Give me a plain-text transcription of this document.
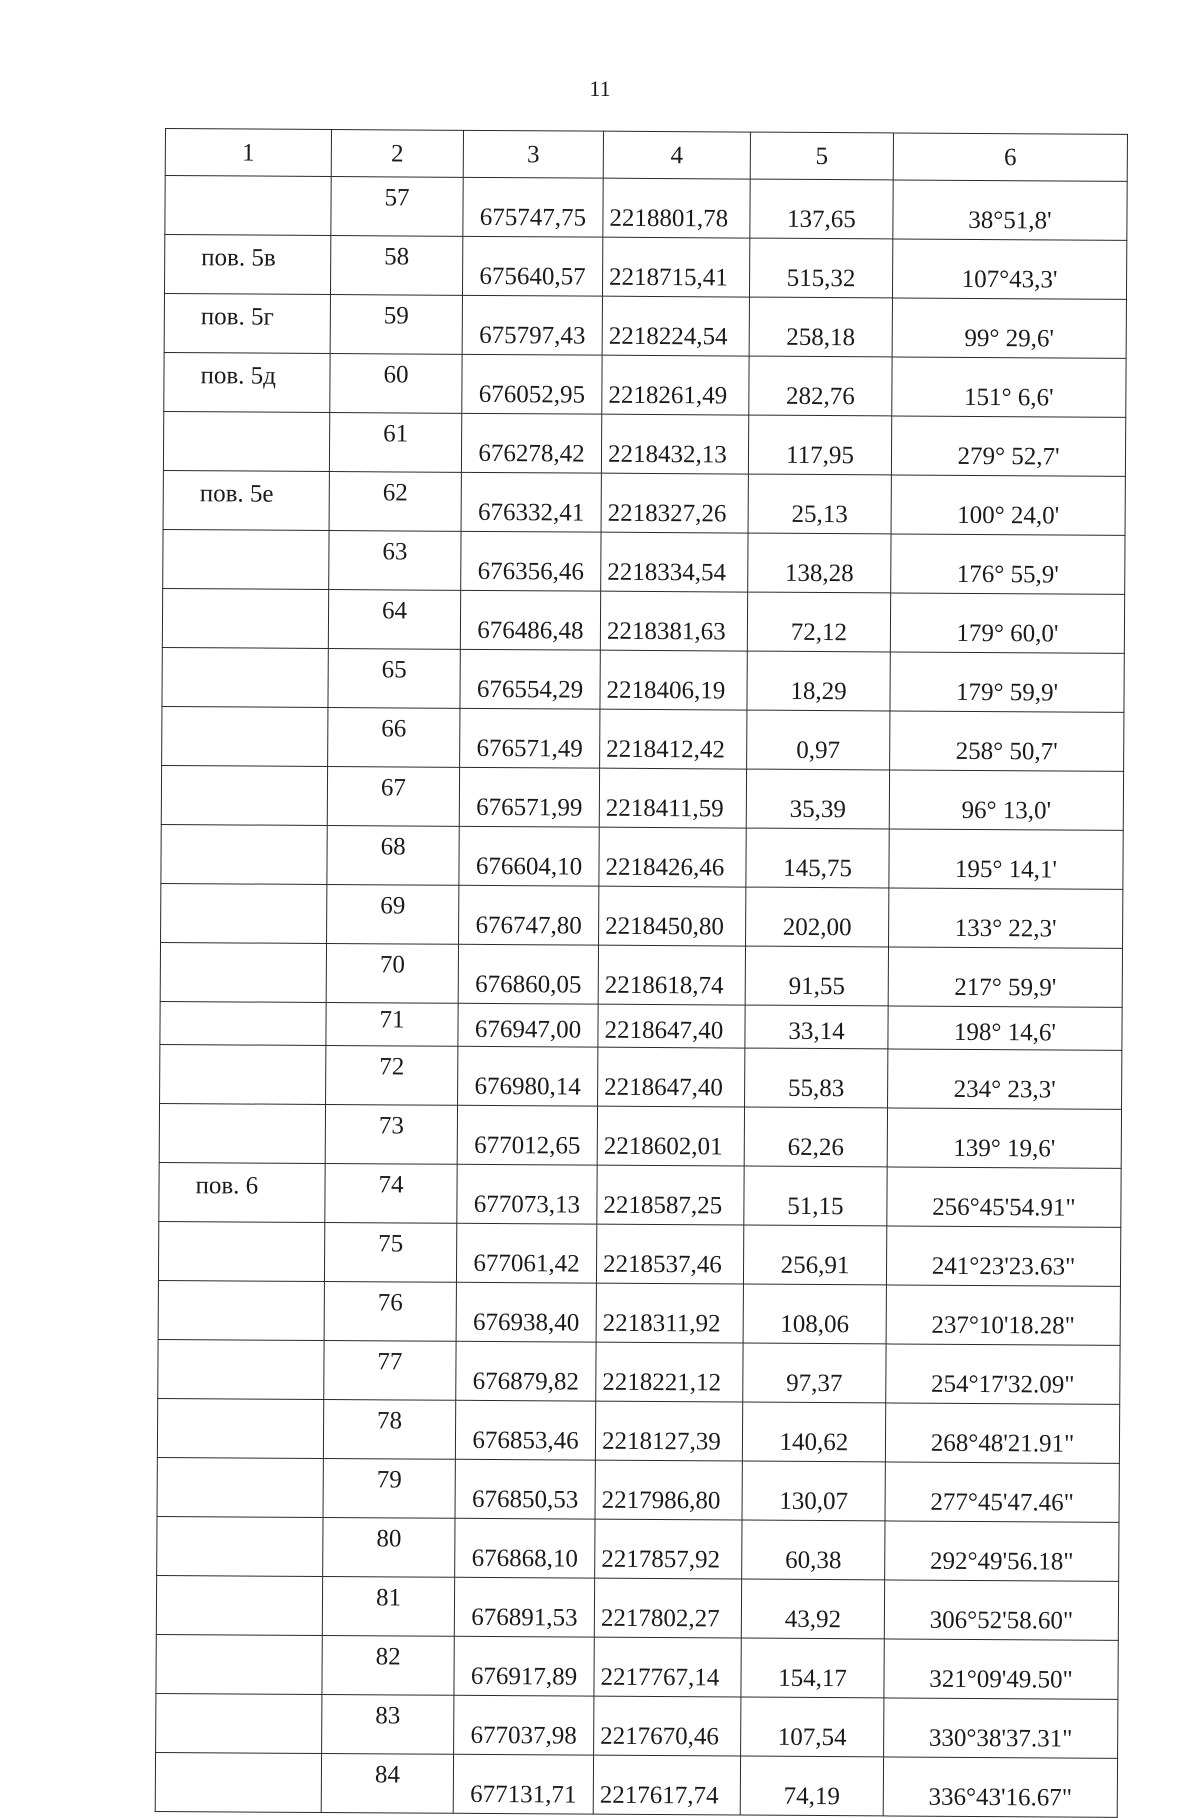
11
1	2	3	4	5	6
	57	675747,75	2218801,78	137,65	38°51,8'
пов. 5в	58	675640,57	2218715,41	515,32	107°43,3'
пов. 5г	59	675797,43	2218224,54	258,18	99° 29,6'
пов. 5д	60	676052,95	2218261,49	282,76	151° 6,6'
	61	676278,42	2218432,13	117,95	279° 52,7'
пов. 5е	62	676332,41	2218327,26	25,13	100° 24,0'
	63	676356,46	2218334,54	138,28	176° 55,9'
	64	676486,48	2218381,63	72,12	179° 60,0'
	65	676554,29	2218406,19	18,29	179° 59,9'
	66	676571,49	2218412,42	0,97	258° 50,7'
	67	676571,99	2218411,59	35,39	96° 13,0'
	68	676604,10	2218426,46	145,75	195° 14,1'
	69	676747,80	2218450,80	202,00	133° 22,3'
	70	676860,05	2218618,74	91,55	217° 59,9'
	71	676947,00	2218647,40	33,14	198° 14,6'
	72	676980,14	2218647,40	55,83	234° 23,3'
	73	677012,65	2218602,01	62,26	139° 19,6'
пов. 6	74	677073,13	2218587,25	51,15	256°45'54.91"
	75	677061,42	2218537,46	256,91	241°23'23.63"
	76	676938,40	2218311,92	108,06	237°10'18.28"
	77	676879,82	2218221,12	97,37	254°17'32.09"
	78	676853,46	2218127,39	140,62	268°48'21.91"
	79	676850,53	2217986,80	130,07	277°45'47.46"
	80	676868,10	2217857,92	60,38	292°49'56.18"
	81	676891,53	2217802,27	43,92	306°52'58.60"
	82	676917,89	2217767,14	154,17	321°09'49.50"
	83	677037,98	2217670,46	107,54	330°38'37.31"
	84	677131,71	2217617,74	74,19	336°43'16.67"
